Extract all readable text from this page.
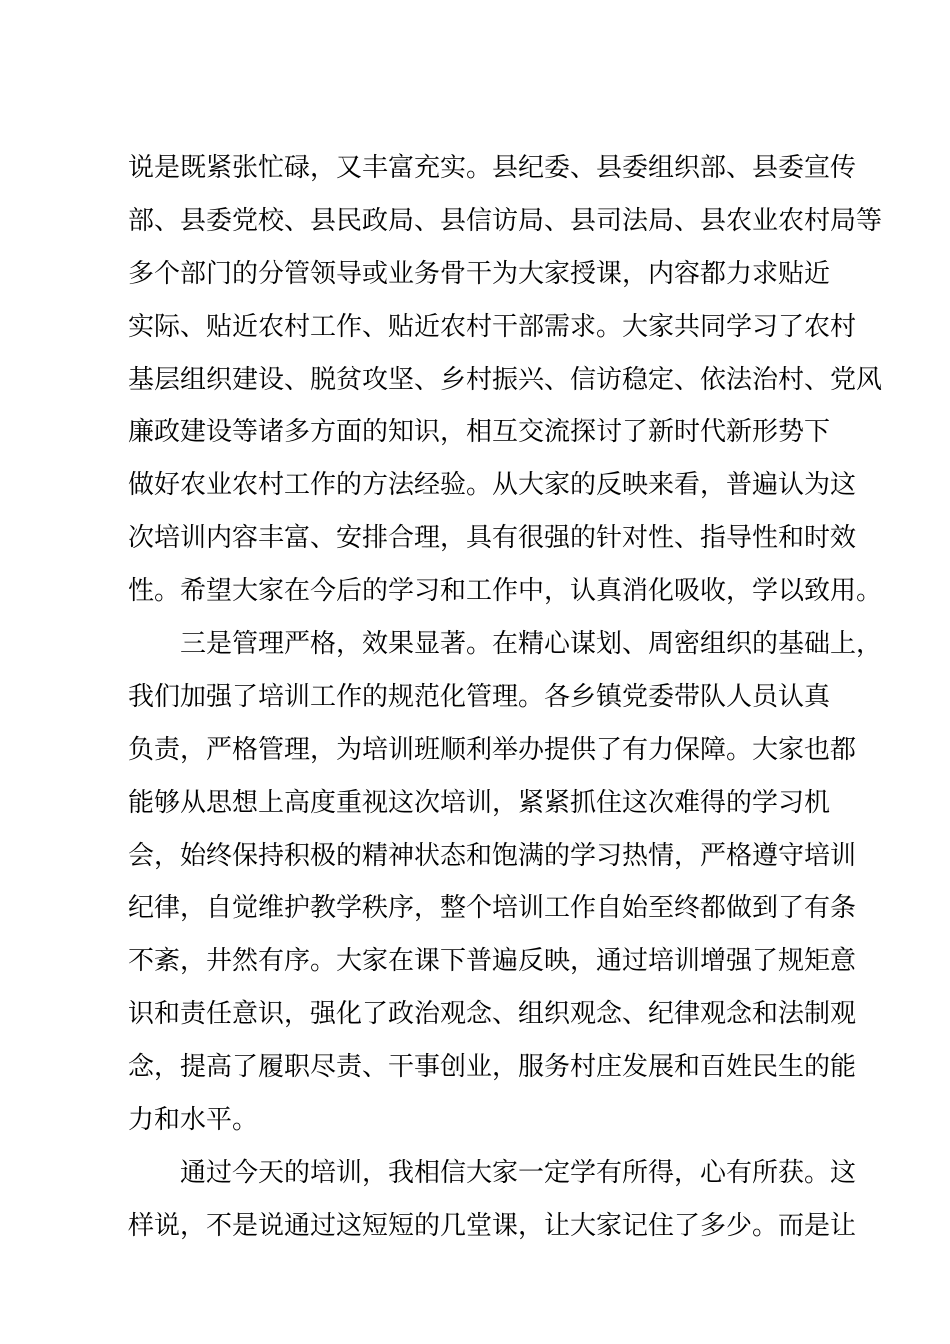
说是既紧张忙碌，又丰富充实。县纪委、县委组织部、县委宣传
部、县委党校、县民政局、县信访局、县司法局、县农业农村局等
多个部门的分管领导或业务骨干为大家授课，内容都力求贴近
实际、贴近农村工作、贴近农村干部需求。大家共同学习了农村
基层组织建设、脱贫攻坚、乡村振兴、信访稳定、依法治村、党风
廉政建设等诸多方面的知识，相互交流探讨了新时代新形势下
做好农业农村工作的方法经验。从大家的反映来看，普遍认为这
次培训内容丰富、安排合理，具有很强的针对性、指导性和时效
性。希望大家在今后的学习和工作中，认真消化吸收，学以致用。
三是管理严格，效果显著。在精心谋划、周密组织的基础上，
我们加强了培训工作的规范化管理。各乡镇党委带队人员认真
负责，严格管理，为培训班顺利举办提供了有力保障。大家也都
能够从思想上高度重视这次培训，紧紧抓住这次难得的学习机
会，始终保持积极的精神状态和饱满的学习热情，严格遵守培训
纪律，自觉维护教学秩序，整个培训工作自始至终都做到了有条
不紊，井然有序。大家在课下普遍反映，通过培训增强了规矩意
识和责任意识，强化了政治观念、组织观念、纪律观念和法制观
念，提高了履职尽责、干事创业，服务村庄发展和百姓民生的能
力和水平。
通过今天的培训，我相信大家一定学有所得，心有所获。这
样说，不是说通过这短短的几堂课，让大家记住了多少。而是让
